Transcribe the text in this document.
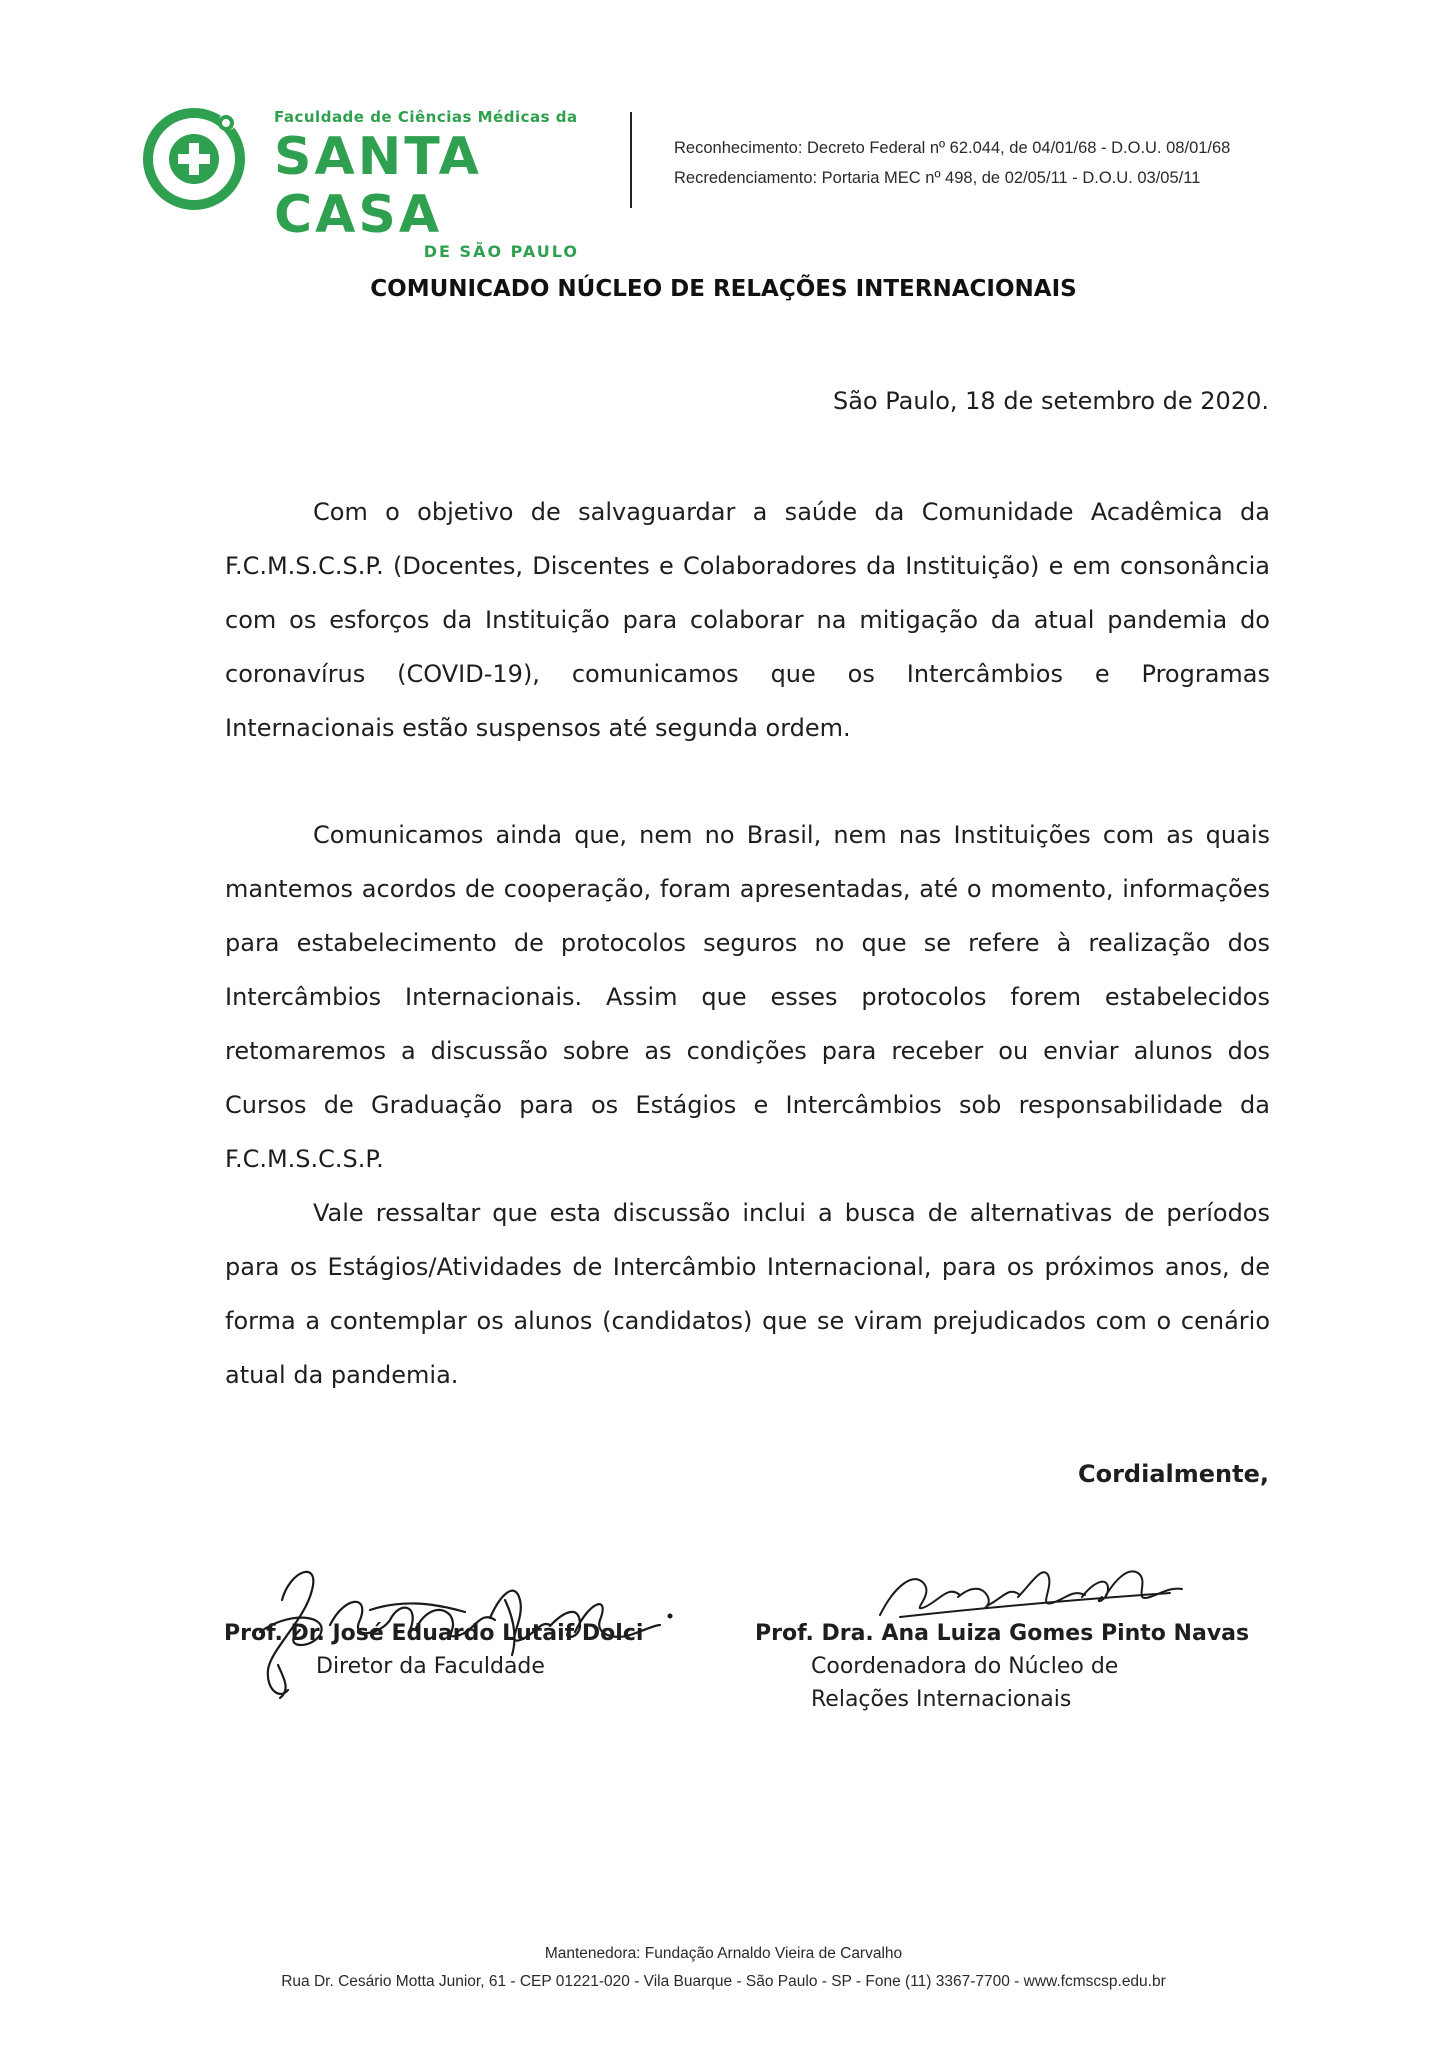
Faculdade de Ciências Médicas da
SANTA CASA
DE SÃO PAULO
Reconhecimento: Decreto Federal nº 62.044, de 04/01/68 - D.O.U. 08/01/68
Recredenciamento: Portaria MEC nº 498, de 02/05/11 - D.O.U. 03/05/11
COMUNICADO NÚCLEO DE RELAÇÕES INTERNACIONAIS
São Paulo, 18 de setembro de 2020.
Com o objetivo de salvaguardar a saúde da Comunidade Acadêmica da F.C.M.S.C.S.P. (Docentes, Discentes e Colaboradores da Instituição) e em consonância com os esforços da Instituição para colaborar na mitigação da atual pandemia do coronavírus (COVID-19), comunicamos que os Intercâmbios e Programas Internacionais estão suspensos até segunda ordem.
Comunicamos ainda que, nem no Brasil, nem nas Instituições com as quais mantemos acordos de cooperação, foram apresentadas, até o momento, informações para estabelecimento de protocolos seguros no que se refere à realização dos Intercâmbios Internacionais. Assim que esses protocolos forem estabelecidos retomaremos a discussão sobre as condições para receber ou enviar alunos dos Cursos de Graduação para os Estágios e Intercâmbios sob responsabilidade da F.C.M.S.C.S.P.
Vale ressaltar que esta discussão inclui a busca de alternativas de períodos para os Estágios/Atividades de Intercâmbio Internacional, para os próximos anos, de forma a contemplar os alunos (candidatos) que se viram prejudicados com o cenário atual da pandemia.
Cordialmente,
Prof. Dr. José Eduardo Lutaif Dolci
Diretor da Faculdade
Prof. Dra. Ana Luiza Gomes Pinto Navas
Coordenadora do Núcleo de
Relações Internacionais
Mantenedora: Fundação Arnaldo Vieira de Carvalho
Rua Dr. Cesário Motta Junior, 61 - CEP 01221-020 - Vila Buarque - São Paulo - SP - Fone (11) 3367-7700 - www.fcmscsp.edu.br
